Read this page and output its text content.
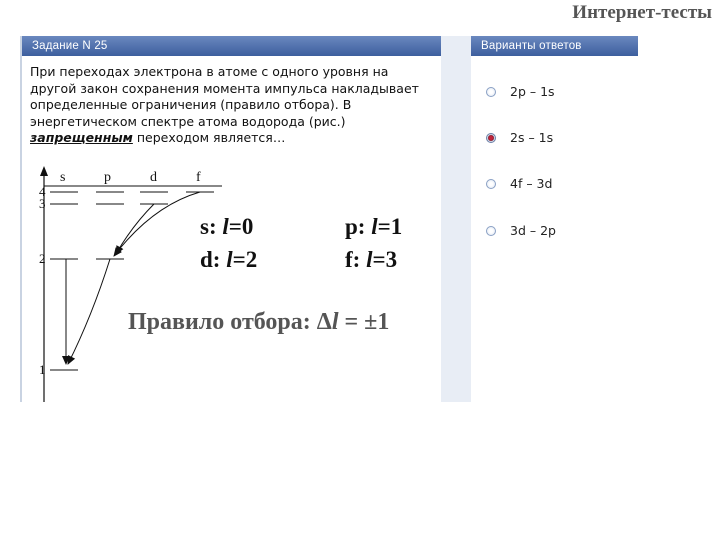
Интернет-тесты
Задание N 25
При переходах электрона в атоме с одного уровня на другой закон сохранения момента импульса накладывает определенные ограничения (правило отбора). В энергетическом спектре атома водорода (рис.) запрещенным переходом является…
s	p	d	f
4
3
2
1
Варианты ответов
2p – 1s
2s – 1s
4f – 3d
3d – 2p
s: l=0	p: l=1
d: l=2	f: l=3
Правило отбора: Δl = ±1
